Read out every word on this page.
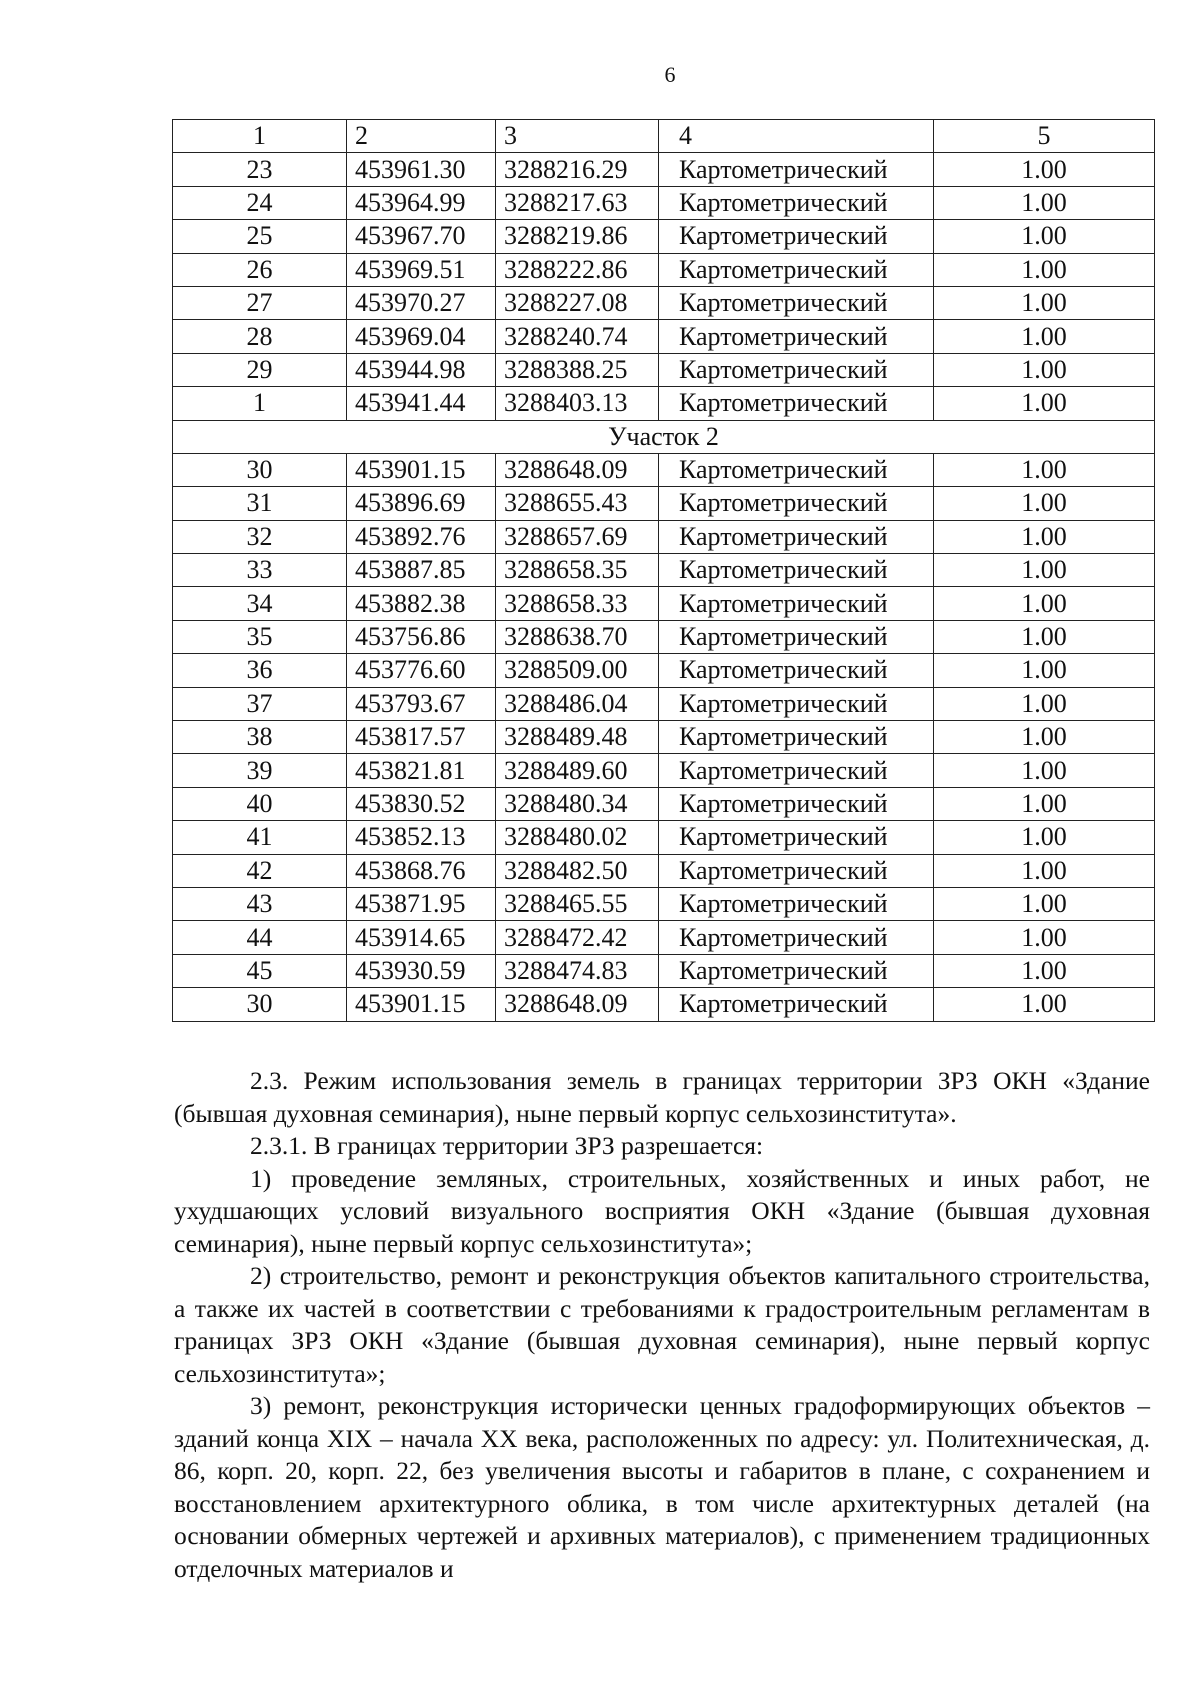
6
1	2	3	4	5
23	453961.30	3288216.29	Картометрический	1.00
24	453964.99	3288217.63	Картометрический	1.00
25	453967.70	3288219.86	Картометрический	1.00
26	453969.51	3288222.86	Картометрический	1.00
27	453970.27	3288227.08	Картометрический	1.00
28	453969.04	3288240.74	Картометрический	1.00
29	453944.98	3288388.25	Картометрический	1.00
1	453941.44	3288403.13	Картометрический	1.00
Участок 2				
30	453901.15	3288648.09	Картометрический	1.00
31	453896.69	3288655.43	Картометрический	1.00
32	453892.76	3288657.69	Картометрический	1.00
33	453887.85	3288658.35	Картометрический	1.00
34	453882.38	3288658.33	Картометрический	1.00
35	453756.86	3288638.70	Картометрический	1.00
36	453776.60	3288509.00	Картометрический	1.00
37	453793.67	3288486.04	Картометрический	1.00
38	453817.57	3288489.48	Картометрический	1.00
39	453821.81	3288489.60	Картометрический	1.00
40	453830.52	3288480.34	Картометрический	1.00
41	453852.13	3288480.02	Картометрический	1.00
42	453868.76	3288482.50	Картометрический	1.00
43	453871.95	3288465.55	Картометрический	1.00
44	453914.65	3288472.42	Картометрический	1.00
45	453930.59	3288474.83	Картометрический	1.00
30	453901.15	3288648.09	Картометрический	1.00

2.3. Режим использования земель в границах территории ЗРЗ ОКН «Здание (бывшая духовная семинария), ныне первый корпус сельхозинститута».

2.3.1. В границах территории ЗРЗ разрешается:

1) проведение земляных, строительных, хозяйственных и иных работ, не ухудшающих условий визуального восприятия ОКН «Здание (бывшая духовная семинария), ныне первый корпус сельхозинститута»;

2) строительство, ремонт и реконструкция объектов капитального строительства, а также их частей в соответствии с требованиями к градостроительным регламентам в границах ЗРЗ ОКН «Здание (бывшая духовная семинария), ныне первый корпус сельхозинститута»;

3) ремонт, реконструкция исторически ценных градоформирующих объектов – зданий конца XIX – начала XX века, расположенных по адресу: ул. Политехническая, д. 86, корп. 20, корп. 22, без увеличения высоты и габаритов в плане, с сохранением и восстановлением архитектурного облика, в том числе архитектурных деталей (на основании обмерных чертежей и архивных материалов), с применением традиционных отделочных материалов и
